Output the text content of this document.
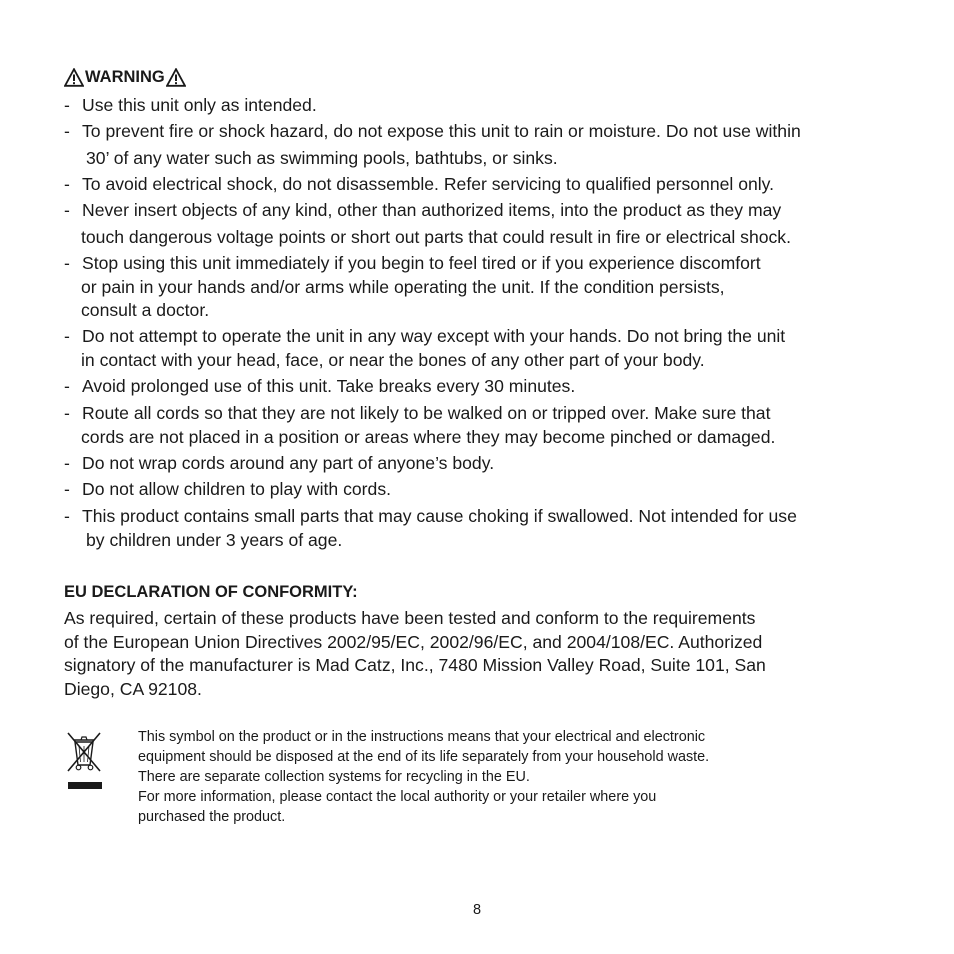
WARNING
- Use this unit only as intended.
- To prevent fire or shock hazard, do not expose this unit to rain or moisture. Do not use within
30’ of any water such as swimming pools, bathtubs, or sinks.
- To avoid electrical shock, do not disassemble. Refer servicing to qualified personnel only.
- Never insert objects of any kind, other than authorized items, into the product as they may
touch dangerous voltage points or short out parts that could result in fire or electrical shock.
- Stop using this unit immediately if you begin to feel tired or if you experience discomfort
or pain in your hands and/or arms while operating the unit. If the condition persists,
consult a doctor.
- Do not attempt to operate the unit in any way except with your hands. Do not bring the unit
in contact with your head, face, or near the bones of any other part of your body.
- Avoid prolonged use of this unit. Take breaks every 30 minutes.
- Route all cords so that they are not likely to be walked on or tripped over. Make sure that
cords are not placed in a position or areas where they may become pinched or damaged.
- Do not wrap cords around any part of anyone’s body.
- Do not allow children to play with cords.
- This product contains small parts that may cause choking if swallowed. Not intended for use
by children under 3 years of age.
EU DECLARATION OF CONFORMITY:
As required, certain of these products have been tested and conform to the requirements
of the European Union Directives 2002/95/EC, 2002/96/EC, and 2004/108/EC. Authorized
signatory of the manufacturer is Mad Catz, Inc., 7480 Mission Valley Road, Suite 101, San
Diego, CA 92108.
This symbol on the product or in the instructions means that your electrical and electronic
equipment should be disposed at the end of its life separately from your household waste.
There are separate collection systems for recycling in the EU.
For more information, please contact the local authority or your retailer where you
purchased the product.
8
